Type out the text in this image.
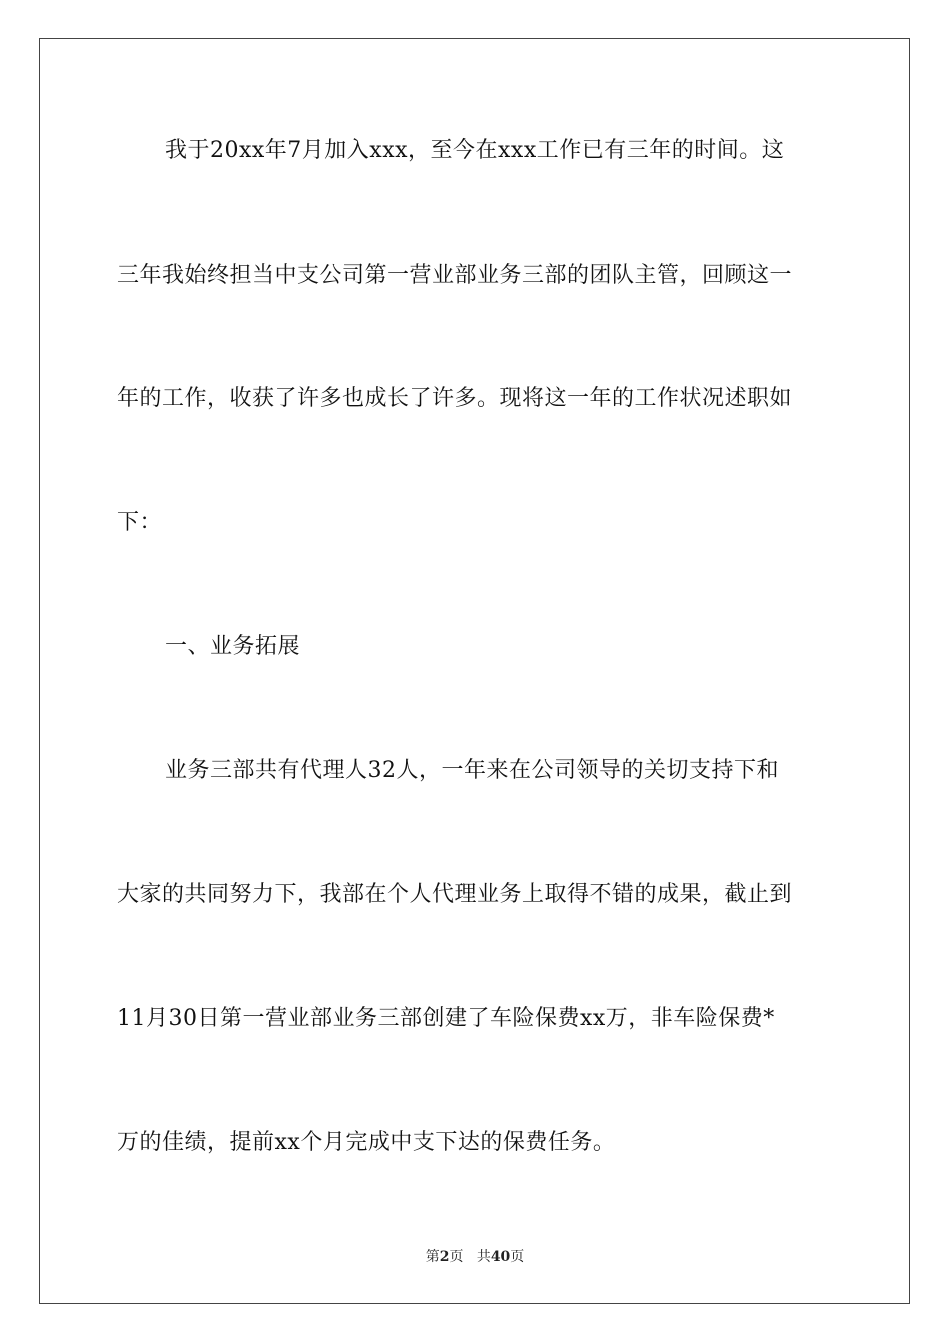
我于20xx年7月加入xxx，至今在xxx工作已有三年的时间。这
三年我始终担当中支公司第一营业部业务三部的团队主管，回顾这一
年的工作，收获了许多也成长了许多。现将这一年的工作状况述职如
下：
一、业务拓展
业务三部共有代理人32人，一年来在公司领导的关切支持下和
大家的共同努力下，我部在个人代理业务上取得不错的成果，截止到
11月30日第一营业部业务三部创建了车险保费xx万，非车险保费*
万的佳绩，提前xx个月完成中支下达的保费任务。
第2页 共40页
